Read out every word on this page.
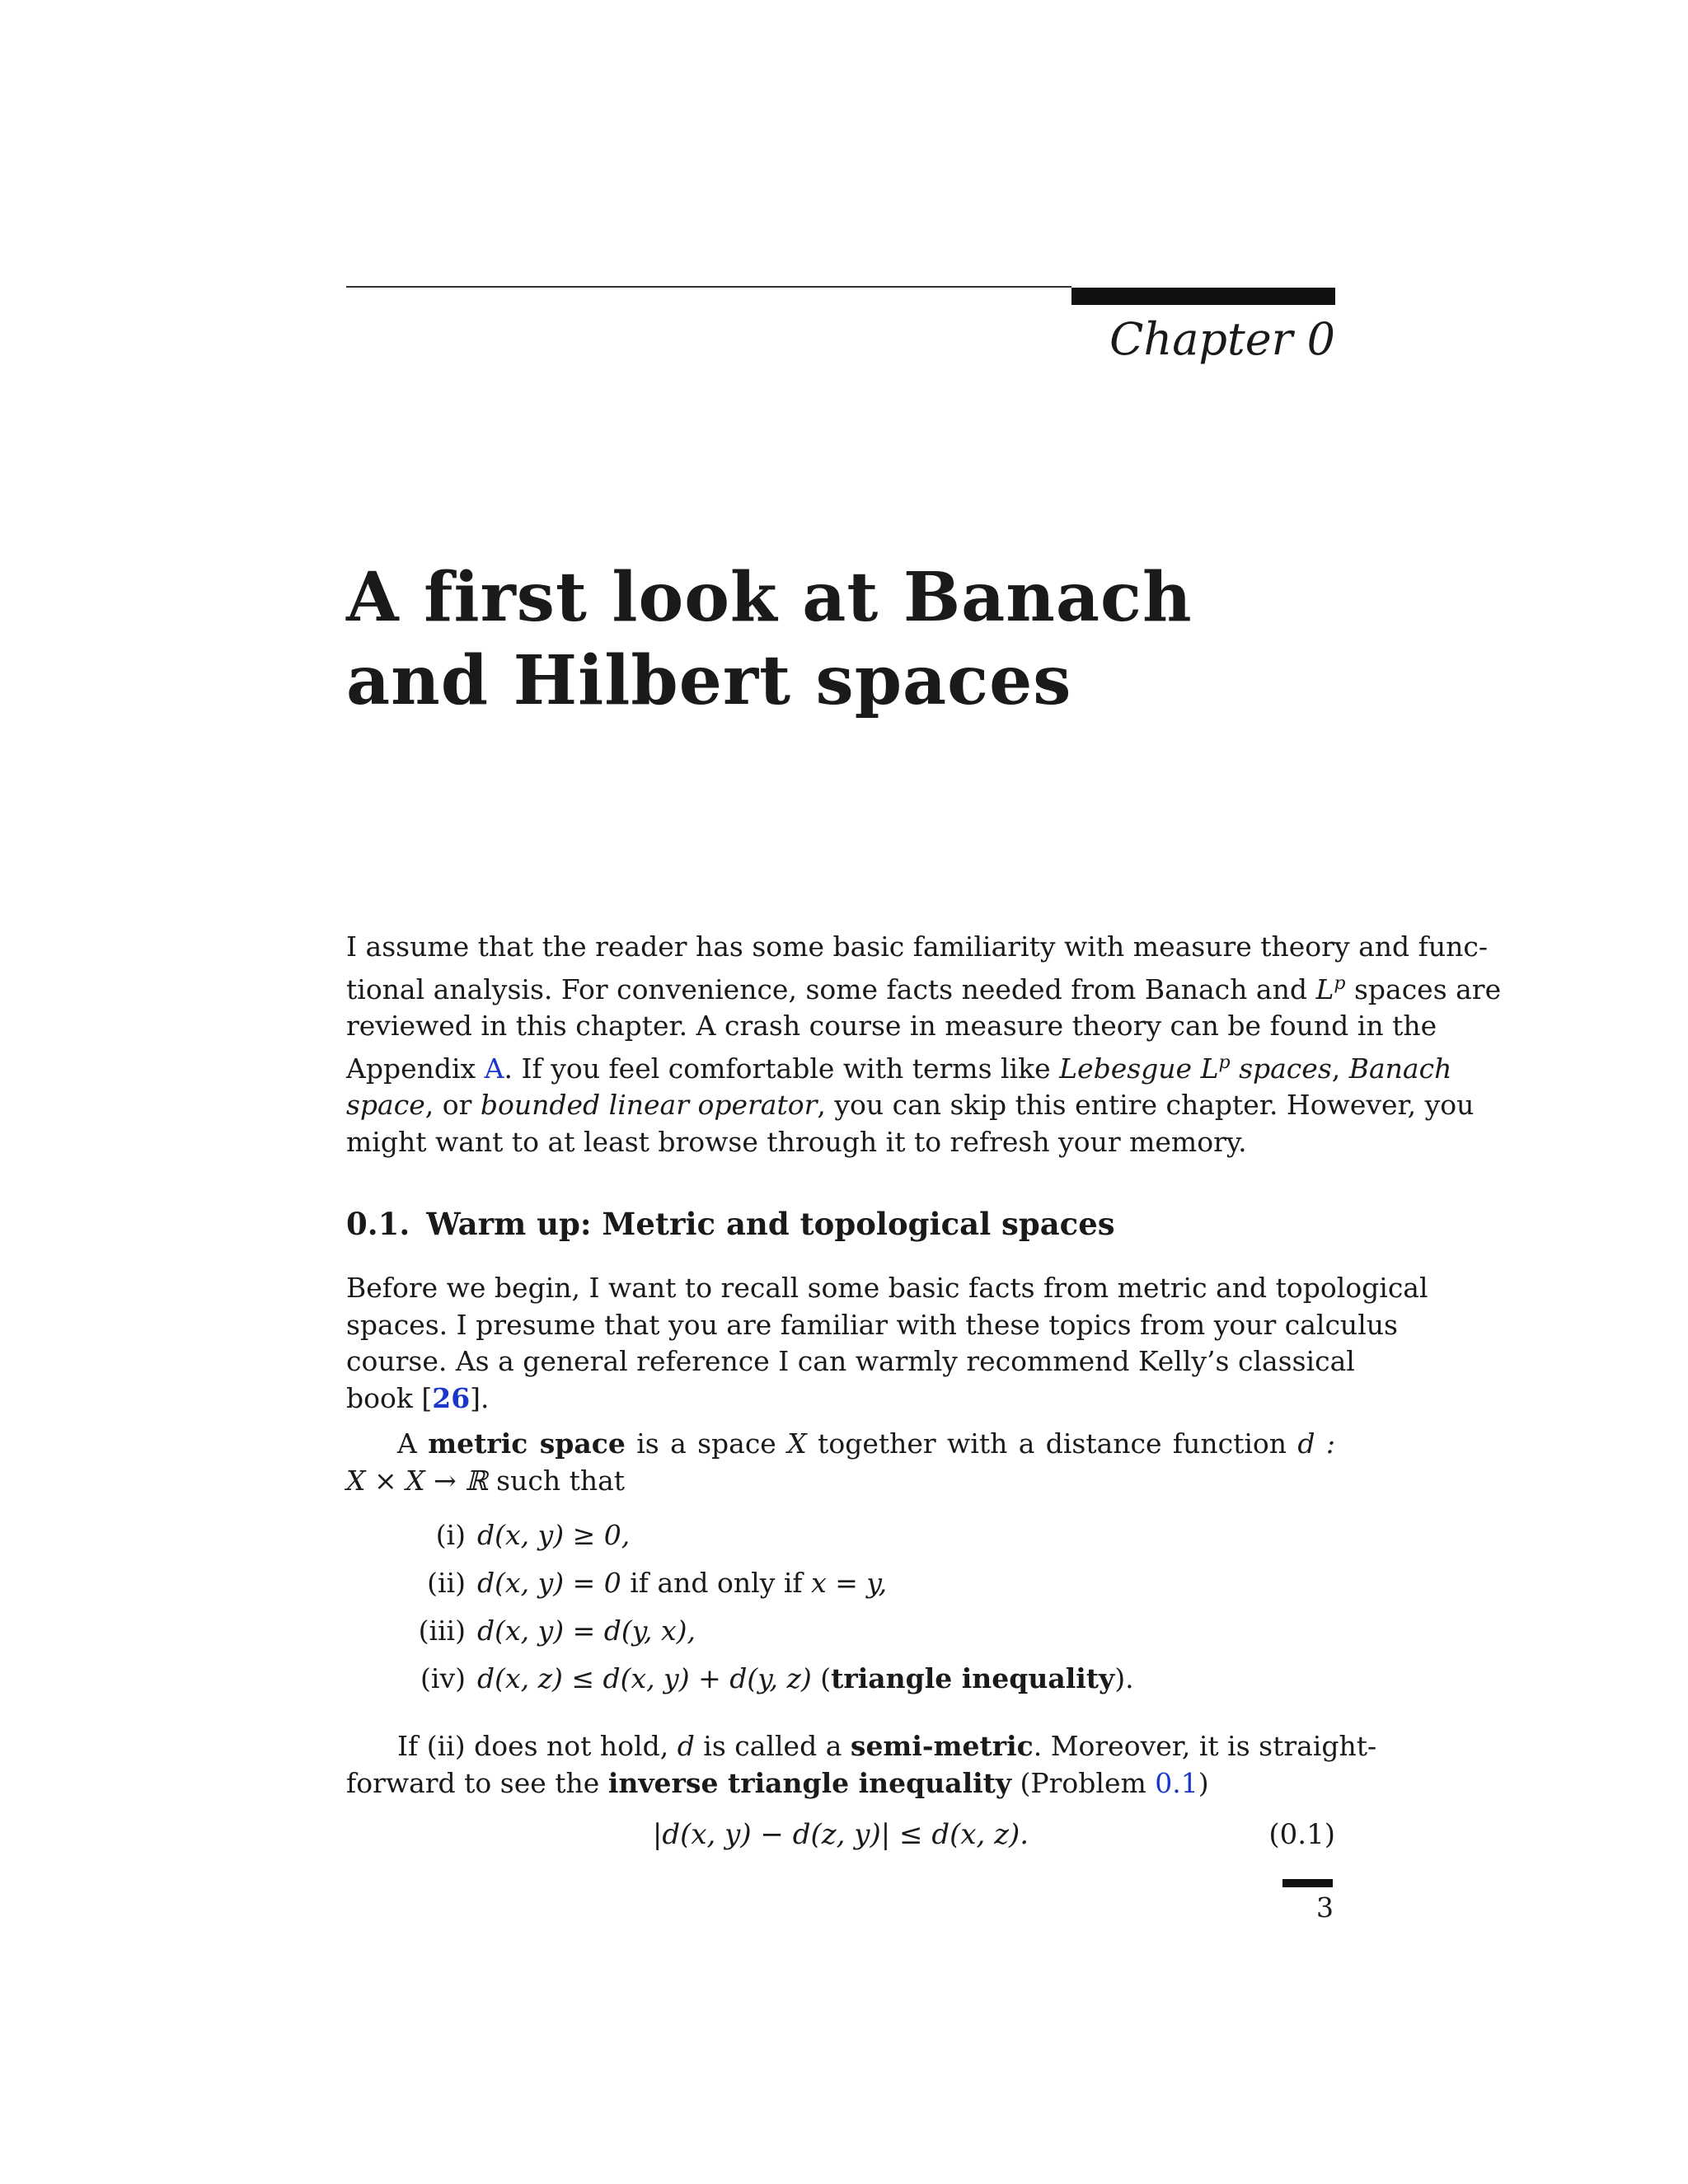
Chapter 0
A first look at Banach
and Hilbert spaces
I assume that the reader has some basic familiarity with measure theory and func-
tional analysis. For convenience, some facts needed from Banach and $L^p$ spaces are
reviewed in this chapter. A crash course in measure theory can be found in the
Appendix A. If you feel comfortable with terms like Lebesgue $L^p$ spaces, Banach
space, or bounded linear operator, you can skip this entire chapter. However, you
might want to at least browse through it to refresh your memory.
0.1. Warm up: Metric and topological spaces
Before we begin, I want to recall some basic facts from metric and topological
spaces. I presume that you are familiar with these topics from your calculus
course. As a general reference I can warmly recommend Kelly’s classical
book [26].
A metric space is a space X together with a distance function d :
X × X → ℝ such that
(i) d(x, y) ≥ 0,
(ii) d(x, y) = 0 if and only if x = y,
(iii) d(x, y) = d(y, x),
(iv) d(x, z) ≤ d(x, y) + d(y, z) (triangle inequality).
If (ii) does not hold, d is called a semi-metric. Moreover, it is straight-
forward to see the inverse triangle inequality (Problem 0.1)
|d(x, y) − d(z, y)| ≤ d(x, z).	(0.1)
3
